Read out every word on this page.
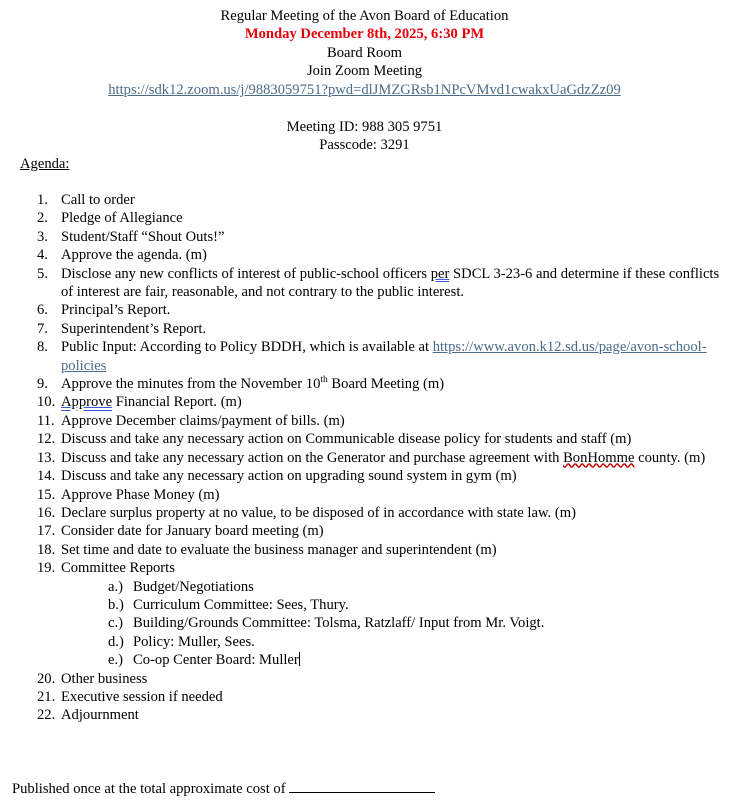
Regular Meeting of the Avon Board of Education
Monday December 8th, 2025, 6:30 PM
Board Room
Join Zoom Meeting
https://sdk12.zoom.us/j/9883059751?pwd=dlJMZGRsb1NPcVMvd1cwakxUaGdzZz09
Meeting ID: 988 305 9751
Passcode: 3291
Agenda:
1. Call to order
2. Pledge of Allegiance
3. Student/Staff “Shout Outs!”
4. Approve the agenda. (m)
5. Disclose any new conflicts of interest of public-school officers per SDCL 3-23-6 and determine if these conflicts of interest are fair, reasonable, and not contrary to the public interest.
6. Principal’s Report.
7. Superintendent’s Report.
8. Public Input: According to Policy BDDH, which is available at https://www.avon.k12.sd.us/page/avon-school-policies
9. Approve the minutes from the November 10th Board Meeting (m)
10. Approve Financial Report. (m)
11. Approve December claims/payment of bills. (m)
12. Discuss and take any necessary action on Communicable disease policy for students and staff (m)
13. Discuss and take any necessary action on the Generator and purchase agreement with BonHomme county. (m)
14. Discuss and take any necessary action on upgrading sound system in gym (m)
15. Approve Phase Money (m)
16. Declare surplus property at no value, to be disposed of in accordance with state law. (m)
17. Consider date for January board meeting (m)
18. Set time and date to evaluate the business manager and superintendent (m)
19. Committee Reports
a.) Budget/Negotiations
b.) Curriculum Committee: Sees, Thury.
c.) Building/Grounds Committee: Tolsma, Ratzlaff/ Input from Mr. Voigt.
d.) Policy: Muller, Sees.
e.) Co-op Center Board: Muller
20. Other business
21. Executive session if needed
22. Adjournment
Published once at the total approximate cost of
